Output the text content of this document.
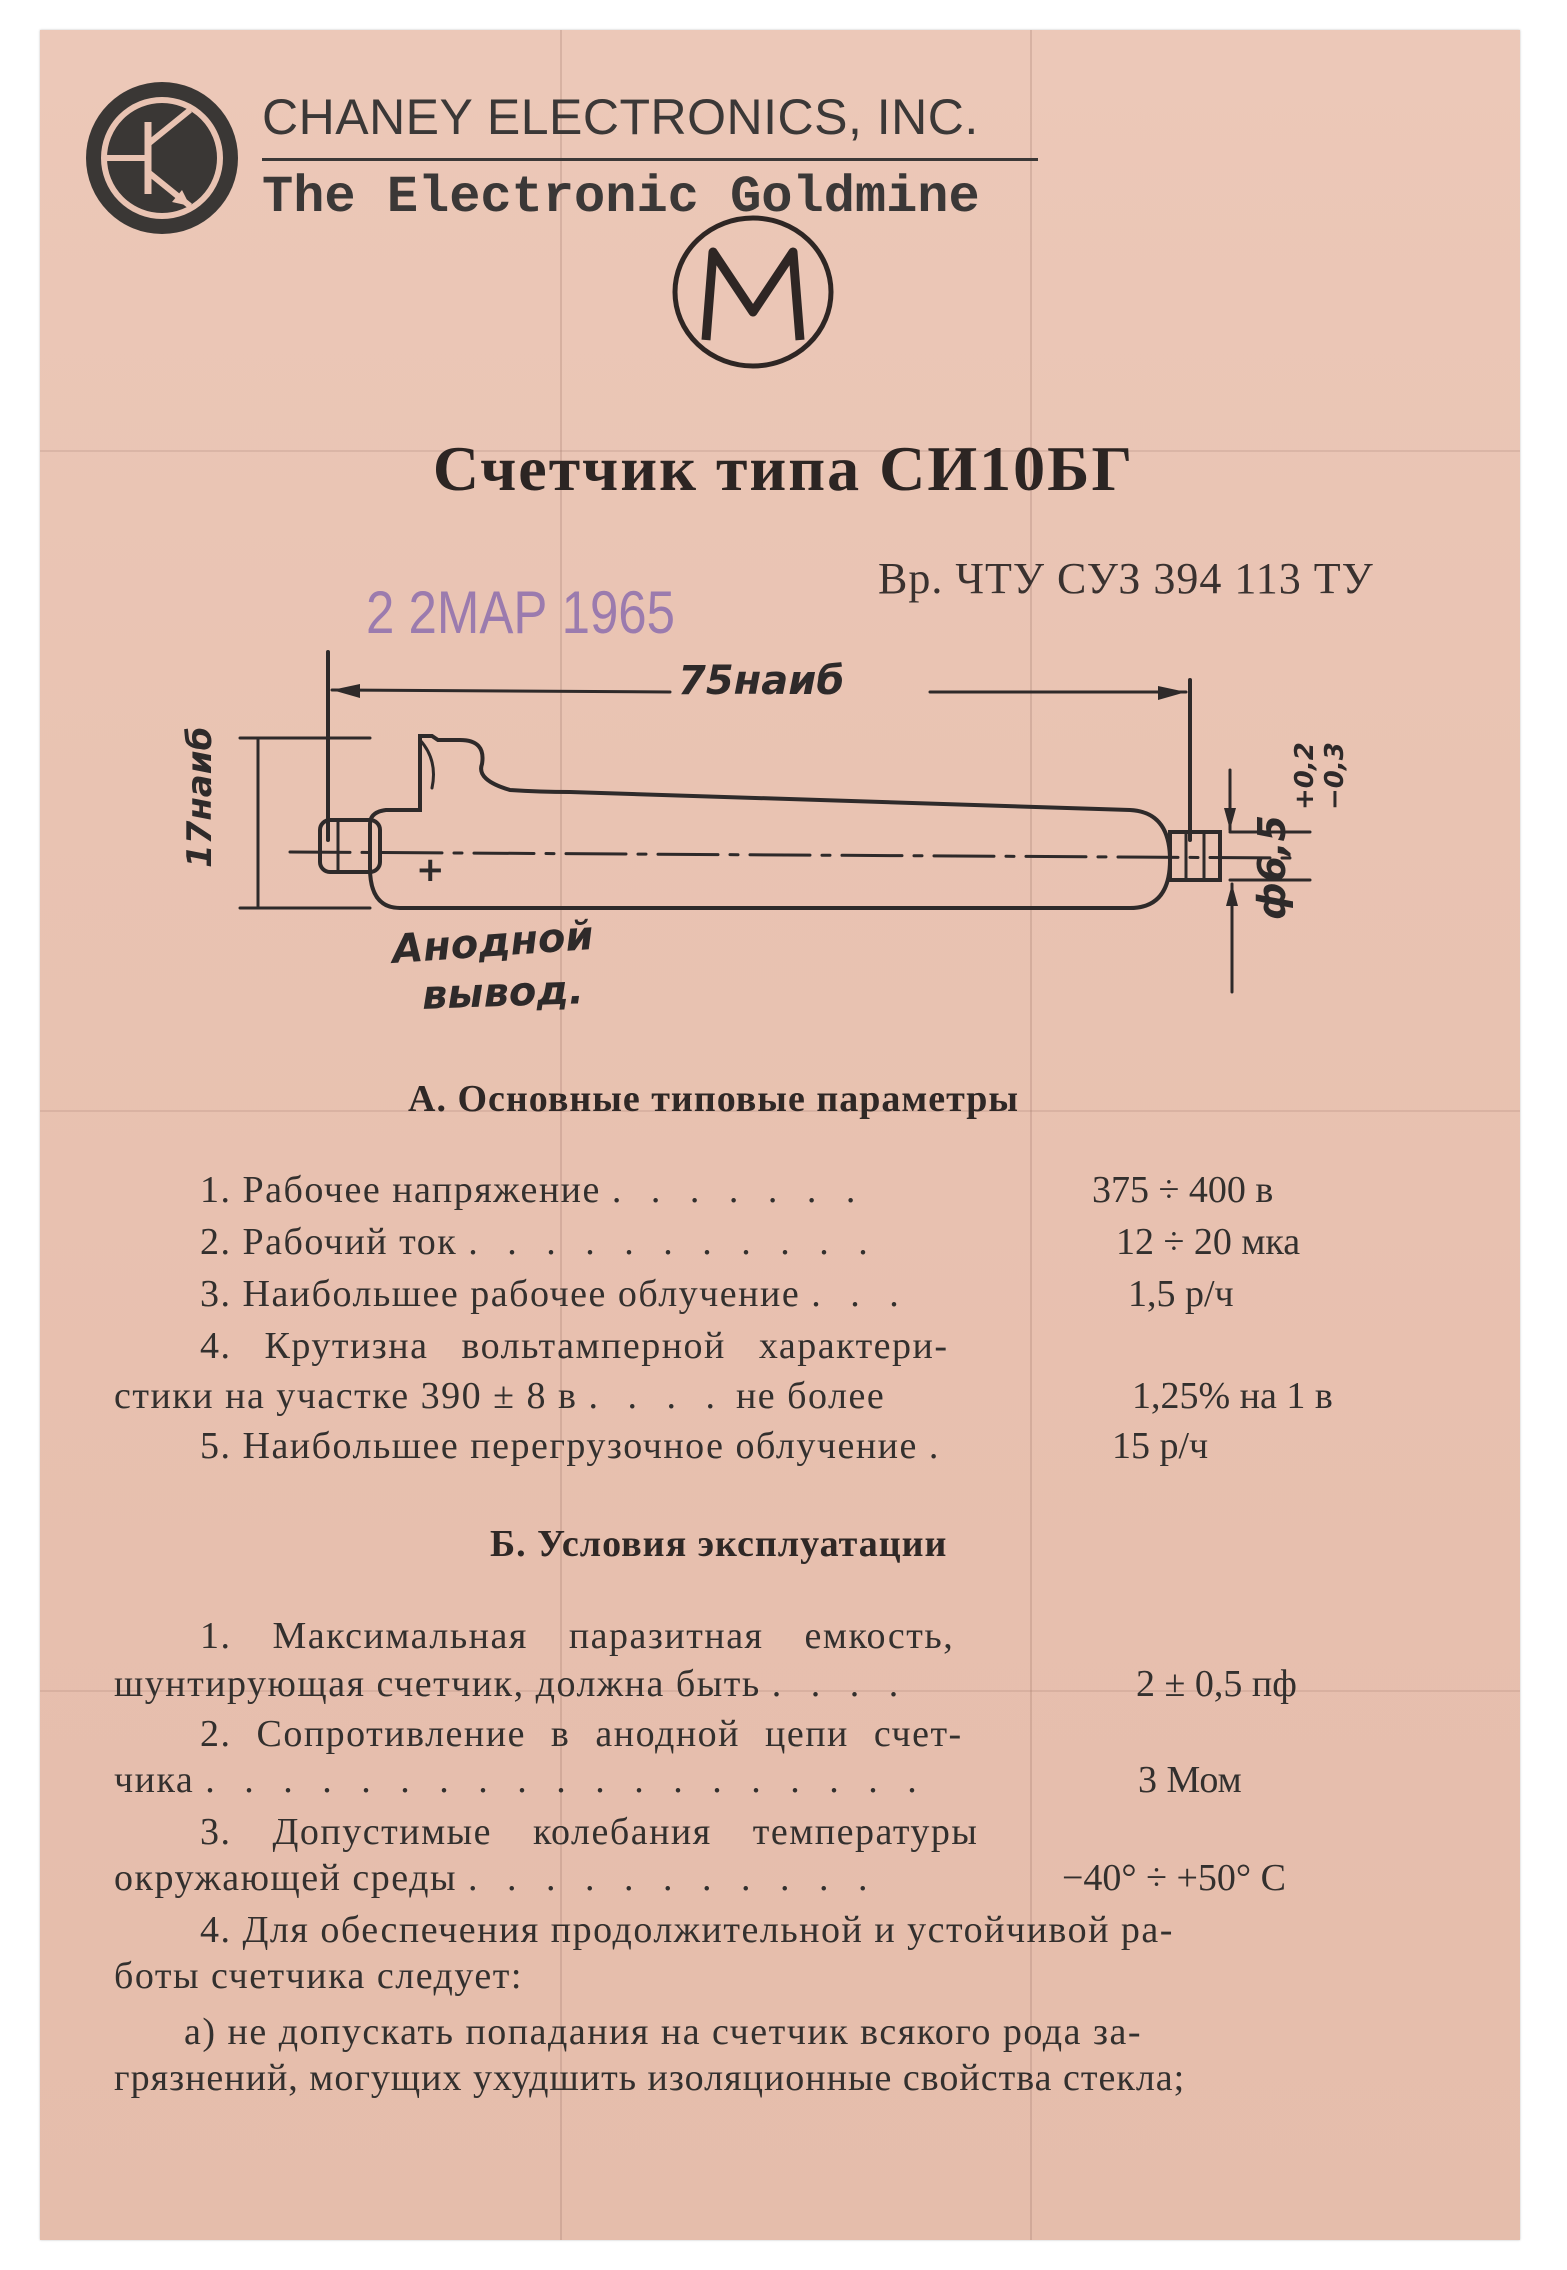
CHANEY ELECTRONICS, INC.
The Electronic Goldmine
Счетчик типа СИ10БГ
Вр. ЧТУ СУЗ 394 113 ТУ
2 2МАР 1965
75наиб
17наиб	ф6,5
+0,2 −0,3
+
Анодной
вывод.
А. Основные типовые параметры
1. Рабочее напряжение . . . . . . .	375 ÷ 400 в
2. Рабочий ток . . . . . . . . . . .	12 ÷ 20 мка
3. Наибольшее рабочее облучение . . .	1,5 р/ч
4. Крутизна вольтамперной характери-
стики на участке 390 ± 8 в . . . . не более	1,25% на 1 в
5. Наибольшее перегрузочное облучение .	15 р/ч
Б. Условия эксплуатации
1. Максимальная паразитная емкость,
шунтирующая счетчик, должна быть . . . .	2 ± 0,5 пф
2. Сопротивление в анодной цепи счет-
чика . . . . . . . . . . . . . . . . . . .	3 Мом
3. Допустимые колебания температуры
окружающей среды . . . . . . . . . . .	−40° ÷ +50° С
4. Для обеспечения продолжительной и устойчивой ра-
боты счетчика следует:
а) не допускать попадания на счетчик всякого рода за-
грязнений, могущих ухудшить изоляционные свойства стекла;
